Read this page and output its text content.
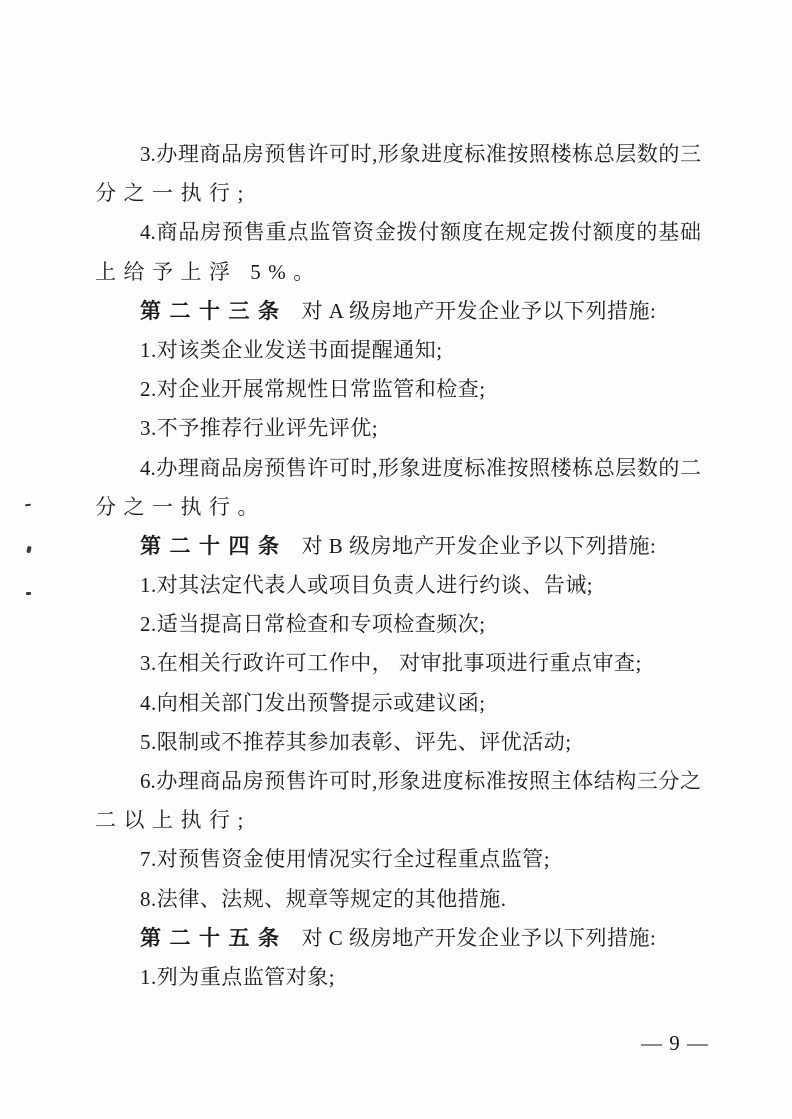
3.办理商品房预售许可时,形象进度标准按照楼栋总层数的三
分之一执行;
4.商品房预售重点监管资金拨付额度在规定拨付额度的基础
上给予上浮 5%。
第二十三条 对 A 级房地产开发企业予以下列措施:
1.对该类企业发送书面提醒通知;
2.对企业开展常规性日常监管和检查;
3.不予推荐行业评先评优;
4.办理商品房预售许可时,形象进度标准按照楼栋总层数的二
分之一执行。
第二十四条 对 B 级房地产开发企业予以下列措施:
1.对其法定代表人或项目负责人进行约谈、告诫;
2.适当提高日常检查和专项检查频次;
3.在相关行政许可工作中， 对审批事项进行重点审查;
4.向相关部门发出预警提示或建议函;
5.限制或不推荐其参加表彰、评先、评优活动;
6.办理商品房预售许可时,形象进度标准按照主体结构三分之
二以上执行;
7.对预售资金使用情况实行全过程重点监管;
8.法律、法规、规章等规定的其他措施.
第二十五条 对 C 级房地产开发企业予以下列措施:
1.列为重点监管对象;
— 9 —
